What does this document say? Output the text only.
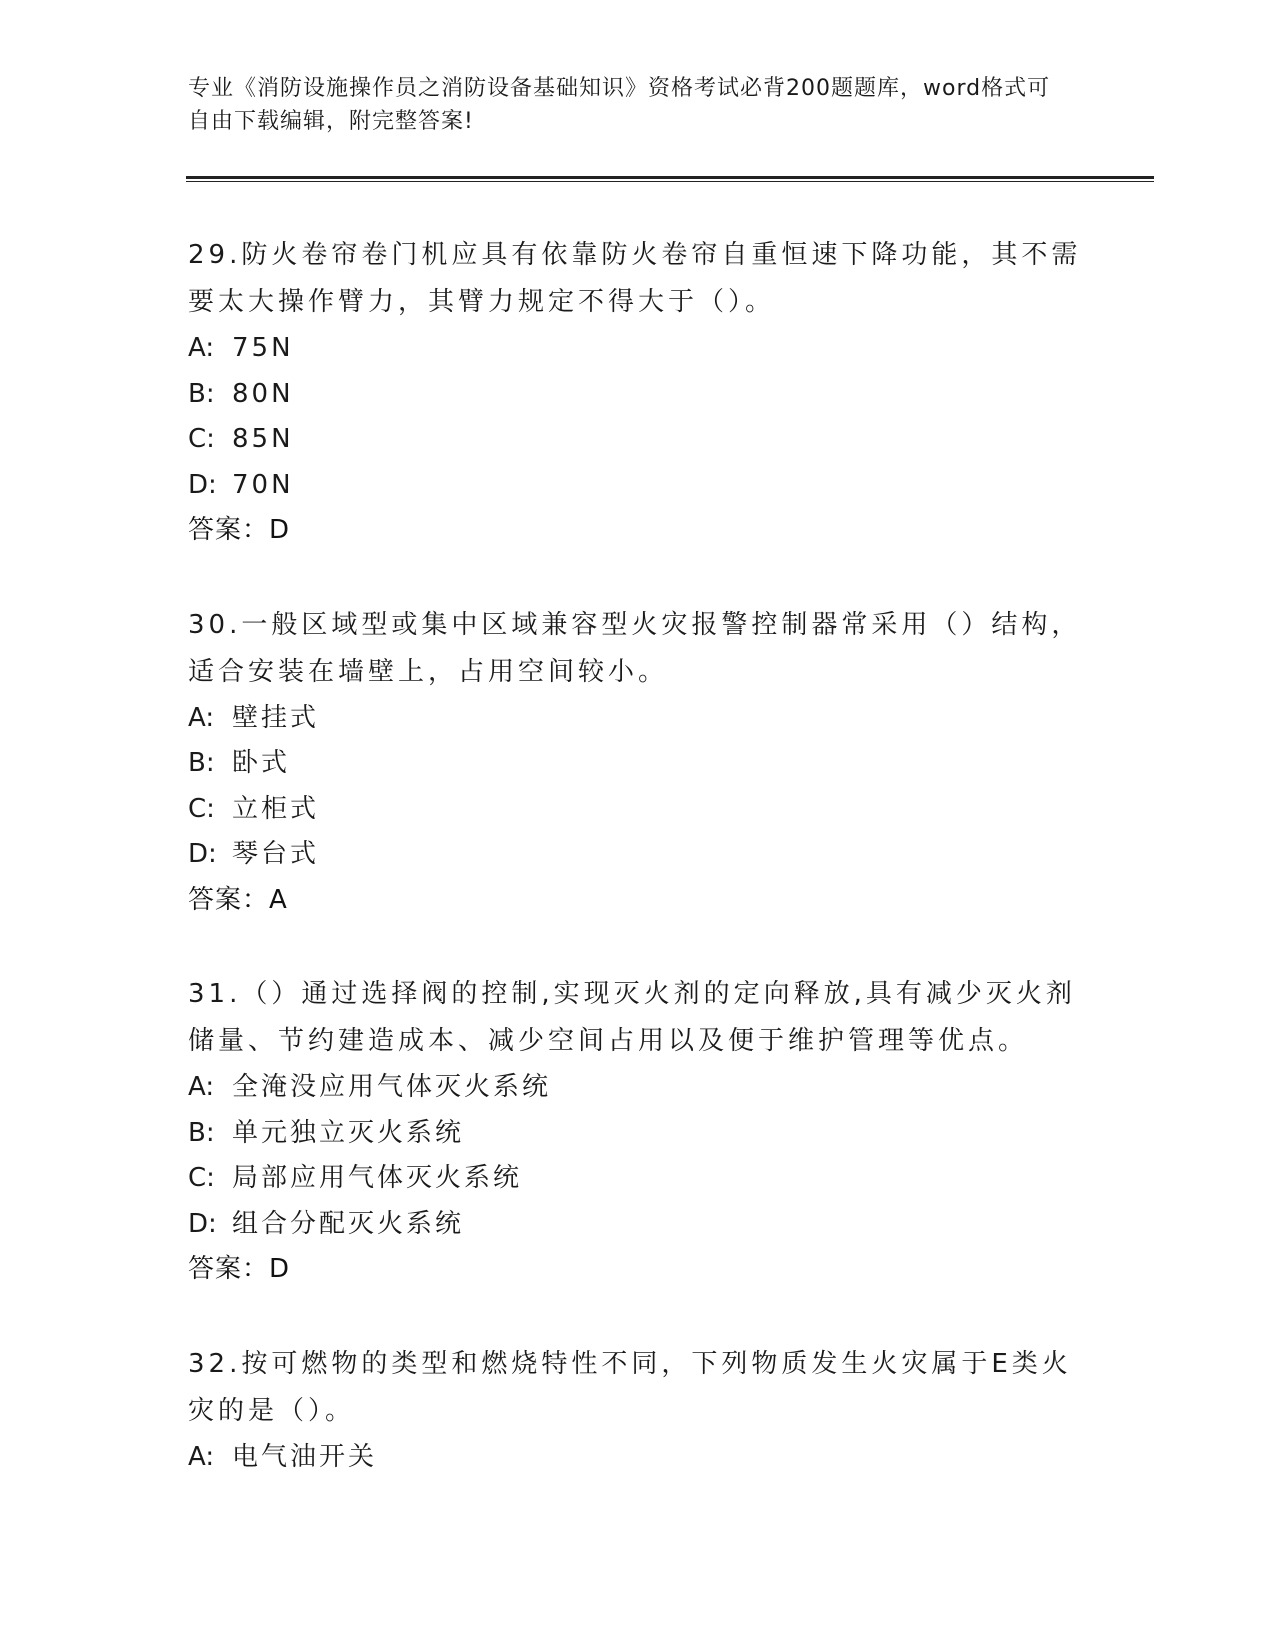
专业《消防设施操作员之消防设备基础知识》资格考试必背200题题库，word格式可自由下载编辑，附完整答案!

29.防火卷帘卷门机应具有依靠防火卷帘自重恒速下降功能，其不需要太大操作臂力，其臂力规定不得大于（）。

A: 75N

B: 80N

C: 85N

D: 70N

答案：D

30.一般区域型或集中区域兼容型火灾报警控制器常采用（）结构，适合安装在墙壁上，占用空间较小。

A: 壁挂式

B: 卧式

C: 立柜式

D: 琴台式

答案：A

31.（）通过选择阀的控制,实现灭火剂的定向释放,具有减少灭火剂储量、节约建造成本、减少空间占用以及便于维护管理等优点。

A: 全淹没应用气体灭火系统

B: 单元独立灭火系统

C: 局部应用气体灭火系统

D: 组合分配灭火系统

答案：D

32.按可燃物的类型和燃烧特性不同，下列物质发生火灾属于E类火灾的是（）。

A: 电气油开关
